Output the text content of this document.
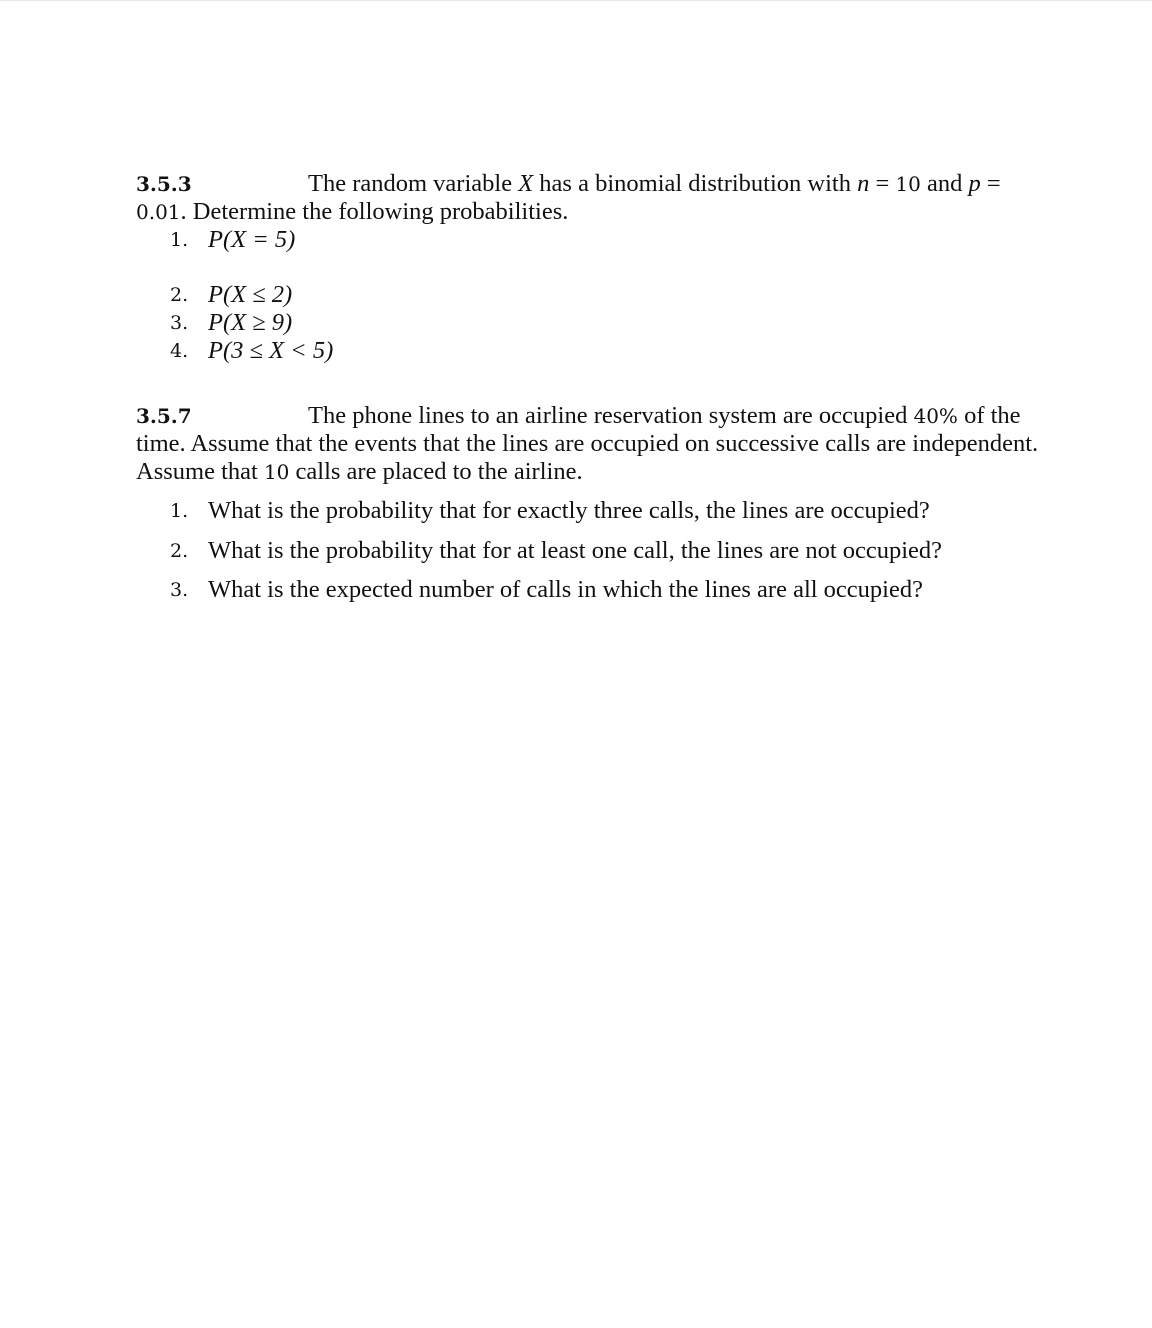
3.5.3	The random variable X has a binomial distribution with n = 10 and p =
0.01. Determine the following probabilities.

1. P(X = 5)
2. P(X ≤ 2)
3. P(X ≥ 9)
4. P(3 ≤ X < 5)

3.5.7	The phone lines to an airline reservation system are occupied 40% of the time. Assume that the events that the lines are occupied on successive calls are independent. Assume that 10 calls are placed to the airline.

1. What is the probability that for exactly three calls, the lines are occupied?
2. What is the probability that for at least one call, the lines are not occupied?
3. What is the expected number of calls in which the lines are all occupied?
